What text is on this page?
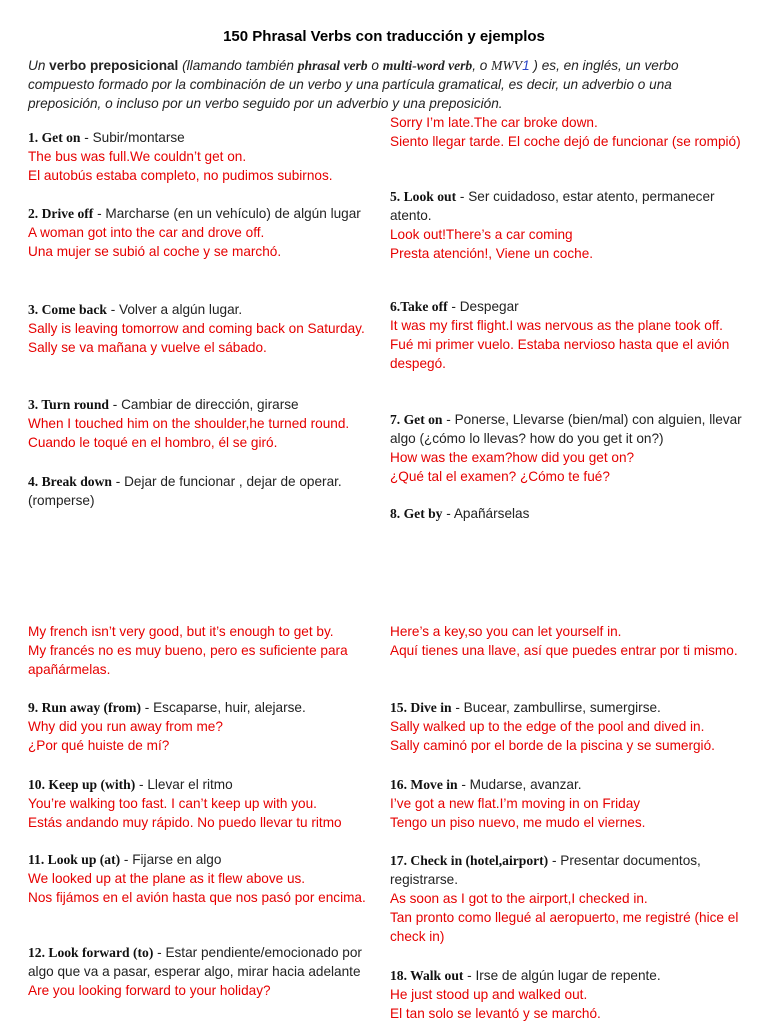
150 Phrasal Verbs con traducción y ejemplos
Un verbo preposicional (llamando también phrasal verb o multi-word verb, o MWV1 ) es, en inglés, un verbo compuesto formado por la combinación de un verbo y una partícula gramatical, es decir, un adverbio o una preposición, o incluso por un verbo seguido por un adverbio y una preposición.
1. Get on - Subir/montarse
The bus was full.We couldn’t get on.
El autobús estaba completo, no pudimos subirnos.
2. Drive off - Marcharse (en un vehículo) de algún lugar
A woman got into the car and drove off.
Una mujer se subió al coche y se marchó.
3. Come back - Volver a algún lugar.
Sally is leaving tomorrow and coming back on Saturday.
Sally se va mañana y vuelve el sábado.
3. Turn round - Cambiar de dirección, girarse
When I touched him on the shoulder,he turned round.
Cuando le toqué en el hombro, él se giró.
4. Break down - Dejar de funcionar , dejar de operar. (romperse)
My french isn’t very good, but it’s enough to get by.
My francés no es muy bueno, pero es suficiente para apañármelas.
9. Run away (from) - Escaparse, huir, alejarse.
Why did you run away from me?
¿Por qué huiste de mí?
10. Keep up (with) - Llevar el ritmo
You’re walking too fast. I can’t keep up with you.
Estás andando muy rápido. No puedo llevar tu ritmo
11. Look up (at) - Fijarse en algo
We looked up at the plane as it flew above us.
Nos fijámos en el avión hasta que nos pasó por encima.
12. Look forward (to) - Estar pendiente/emocionado por algo que va a pasar, esperar algo, mirar hacia adelante
Are you looking forward to your holiday?
Sorry I’m late.The car broke down.
Siento llegar tarde. El coche dejó de funcionar (se rompió)
5. Look out - Ser cuidadoso, estar atento, permanecer atento.
Look out!There’s a car coming
Presta atención!, Viene un coche.
6.Take off - Despegar
It was my first flight.I was nervous as the plane took off.
Fué mi primer vuelo. Estaba nervioso hasta que el avión despegó.
7. Get on - Ponerse, Llevarse (bien/mal) con alguien, llevar algo (¿cómo lo llevas? how do you get it on?)
How was the exam?how did you get on?
¿Qué tal el examen? ¿Cómo te fué?
8. Get by - Apañárselas
Here’s a key,so you can let yourself in.
Aquí tienes una llave, así que puedes entrar por ti mismo.
15. Dive in - Bucear, zambullirse, sumergirse.
Sally walked up to the edge of the pool and dived in.
Sally caminó por el borde de la piscina y se sumergió.
16. Move in - Mudarse, avanzar.
I’ve got a new flat.I’m moving in on Friday
Tengo un piso nuevo, me mudo el viernes.
17. Check in (hotel,airport) - Presentar documentos, registrarse.
As soon as I got to the airport,I checked in.
Tan pronto como llegué al aeropuerto, me registré (hice el check in)
18. Walk out - Irse de algún lugar de repente.
He just stood up and walked out.
El tan solo se levantó y se marchó.
